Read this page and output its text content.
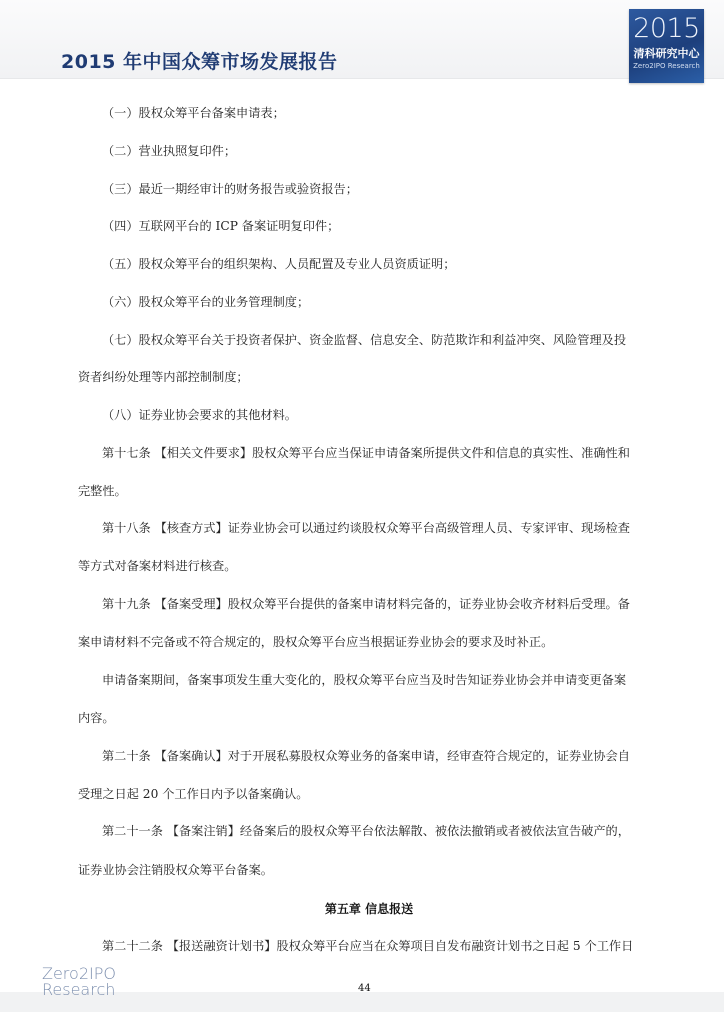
2015 年中国众筹市场发展报告
2015
清科研究中心
Zero2IPO Research
（一）股权众筹平台备案申请表；
（二）营业执照复印件；
（三）最近一期经审计的财务报告或验资报告；
（四）互联网平台的 ICP 备案证明复印件；
（五）股权众筹平台的组织架构、人员配置及专业人员资质证明；
（六）股权众筹平台的业务管理制度；
（七）股权众筹平台关于投资者保护、资金监督、信息安全、防范欺诈和利益冲突、风险管理及投
资者纠纷处理等内部控制制度；
（八）证券业协会要求的其他材料。
第十七条 【相关文件要求】股权众筹平台应当保证申请备案所提供文件和信息的真实性、准确性和
完整性。
第十八条 【核查方式】证券业协会可以通过约谈股权众筹平台高级管理人员、专家评审、现场检查
等方式对备案材料进行核查。
第十九条 【备案受理】股权众筹平台提供的备案申请材料完备的，证券业协会收齐材料后受理。备
案申请材料不完备或不符合规定的，股权众筹平台应当根据证券业协会的要求及时补正。
申请备案期间，备案事项发生重大变化的，股权众筹平台应当及时告知证券业协会并申请变更备案
内容。
第二十条 【备案确认】对于开展私募股权众筹业务的备案申请，经审查符合规定的，证券业协会自
受理之日起 20 个工作日内予以备案确认。
第二十一条 【备案注销】经备案后的股权众筹平台依法解散、被依法撤销或者被依法宣告破产的，
证券业协会注销股权众筹平台备案。
第五章 信息报送
第二十二条 【报送融资计划书】股权众筹平台应当在众筹项目自发布融资计划书之日起 5 个工作日
Zero2IPO
Research	44
